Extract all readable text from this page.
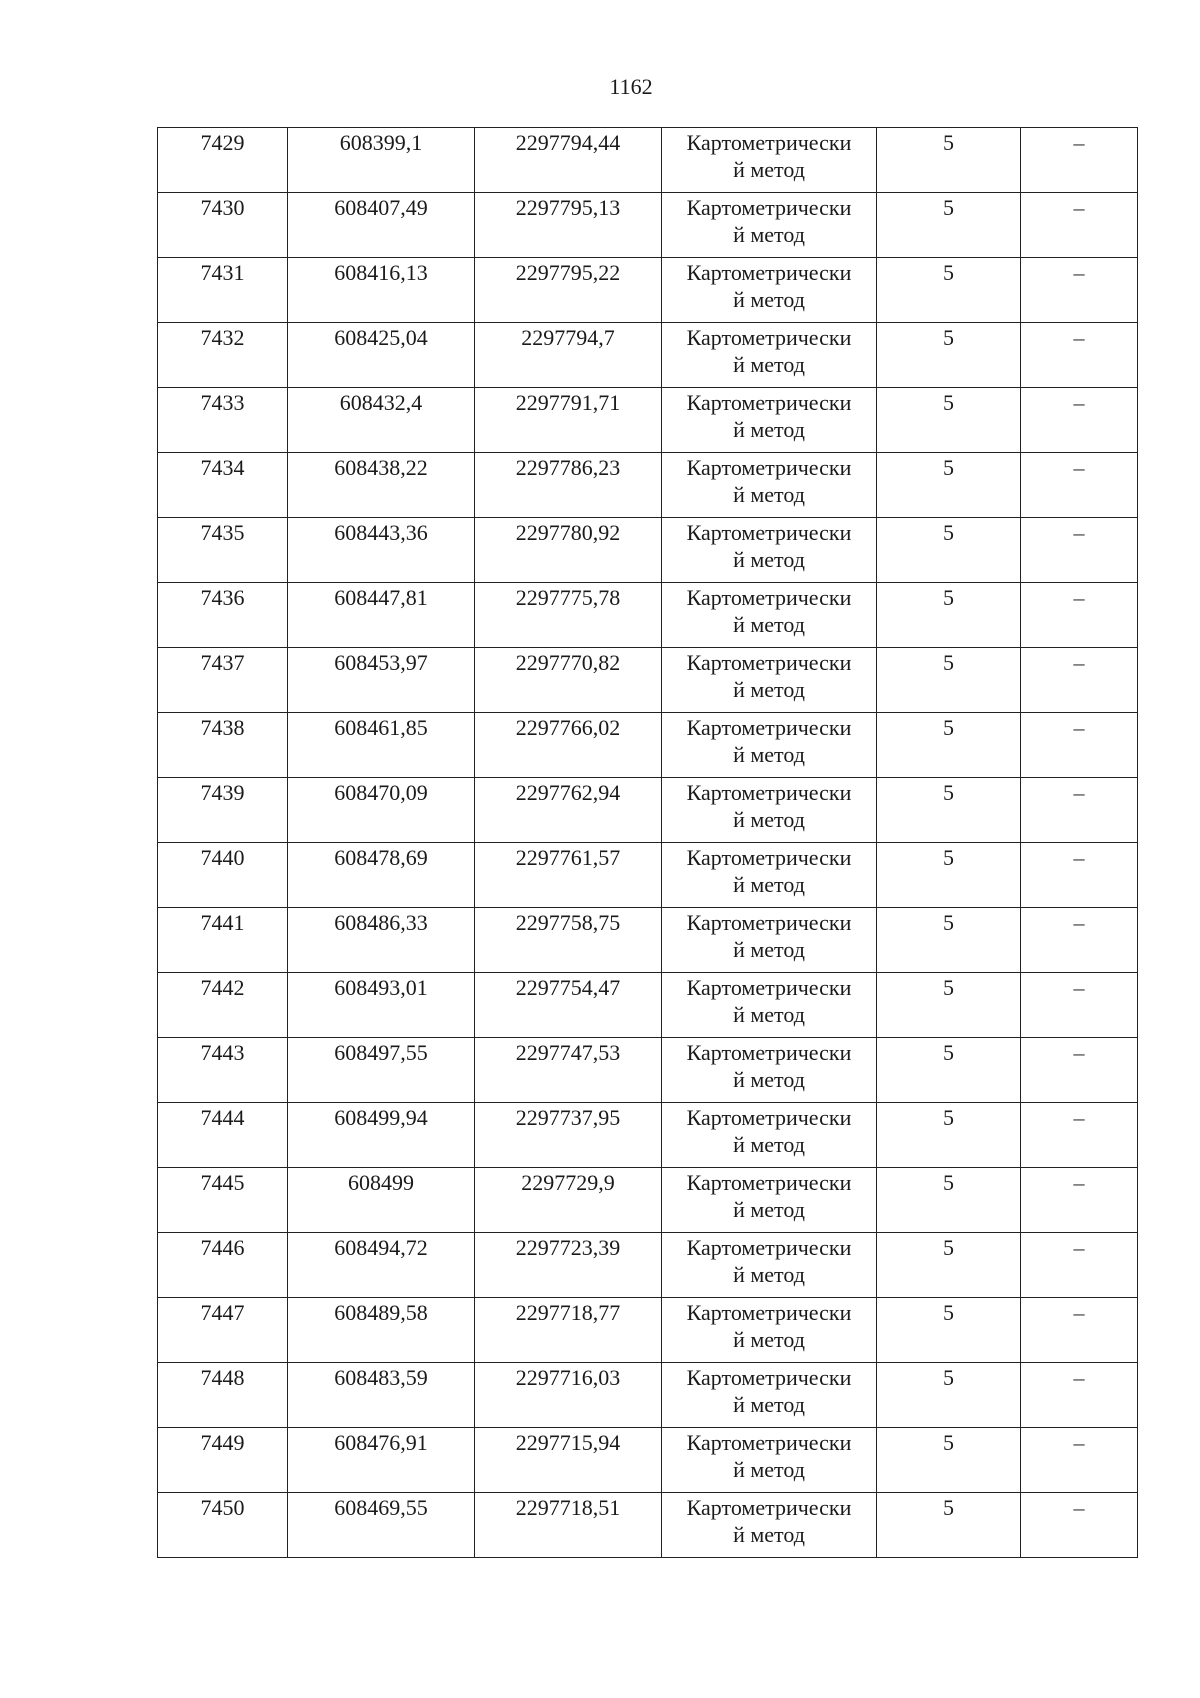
1162
7429	608399,1	2297794,44	Картометрически
й метод	5	–

7430	608407,49	2297795,13	Картометрически
й метод	5	–

7431	608416,13	2297795,22	Картометрически
й метод	5	–

7432	608425,04	2297794,7	Картометрически
й метод	5	–

7433	608432,4	2297791,71	Картометрически
й метод	5	–

7434	608438,22	2297786,23	Картометрически
й метод	5	–

7435	608443,36	2297780,92	Картометрически
й метод	5	–

7436	608447,81	2297775,78	Картометрически
й метод	5	–

7437	608453,97	2297770,82	Картометрически
й метод	5	–

7438	608461,85	2297766,02	Картометрически
й метод	5	–

7439	608470,09	2297762,94	Картометрически
й метод	5	–

7440	608478,69	2297761,57	Картометрически
й метод	5	–

7441	608486,33	2297758,75	Картометрически
й метод	5	–

7442	608493,01	2297754,47	Картометрически
й метод	5	–

7443	608497,55	2297747,53	Картометрически
й метод	5	–

7444	608499,94	2297737,95	Картометрически
й метод	5	–

7445	608499	2297729,9	Картометрически
й метод	5	–

7446	608494,72	2297723,39	Картометрически
й метод	5	–

7447	608489,58	2297718,77	Картометрически
й метод	5	–

7448	608483,59	2297716,03	Картометрически
й метод	5	–

7449	608476,91	2297715,94	Картометрически
й метод	5	–

7450	608469,55	2297718,51	Картометрически
й метод	5	–
